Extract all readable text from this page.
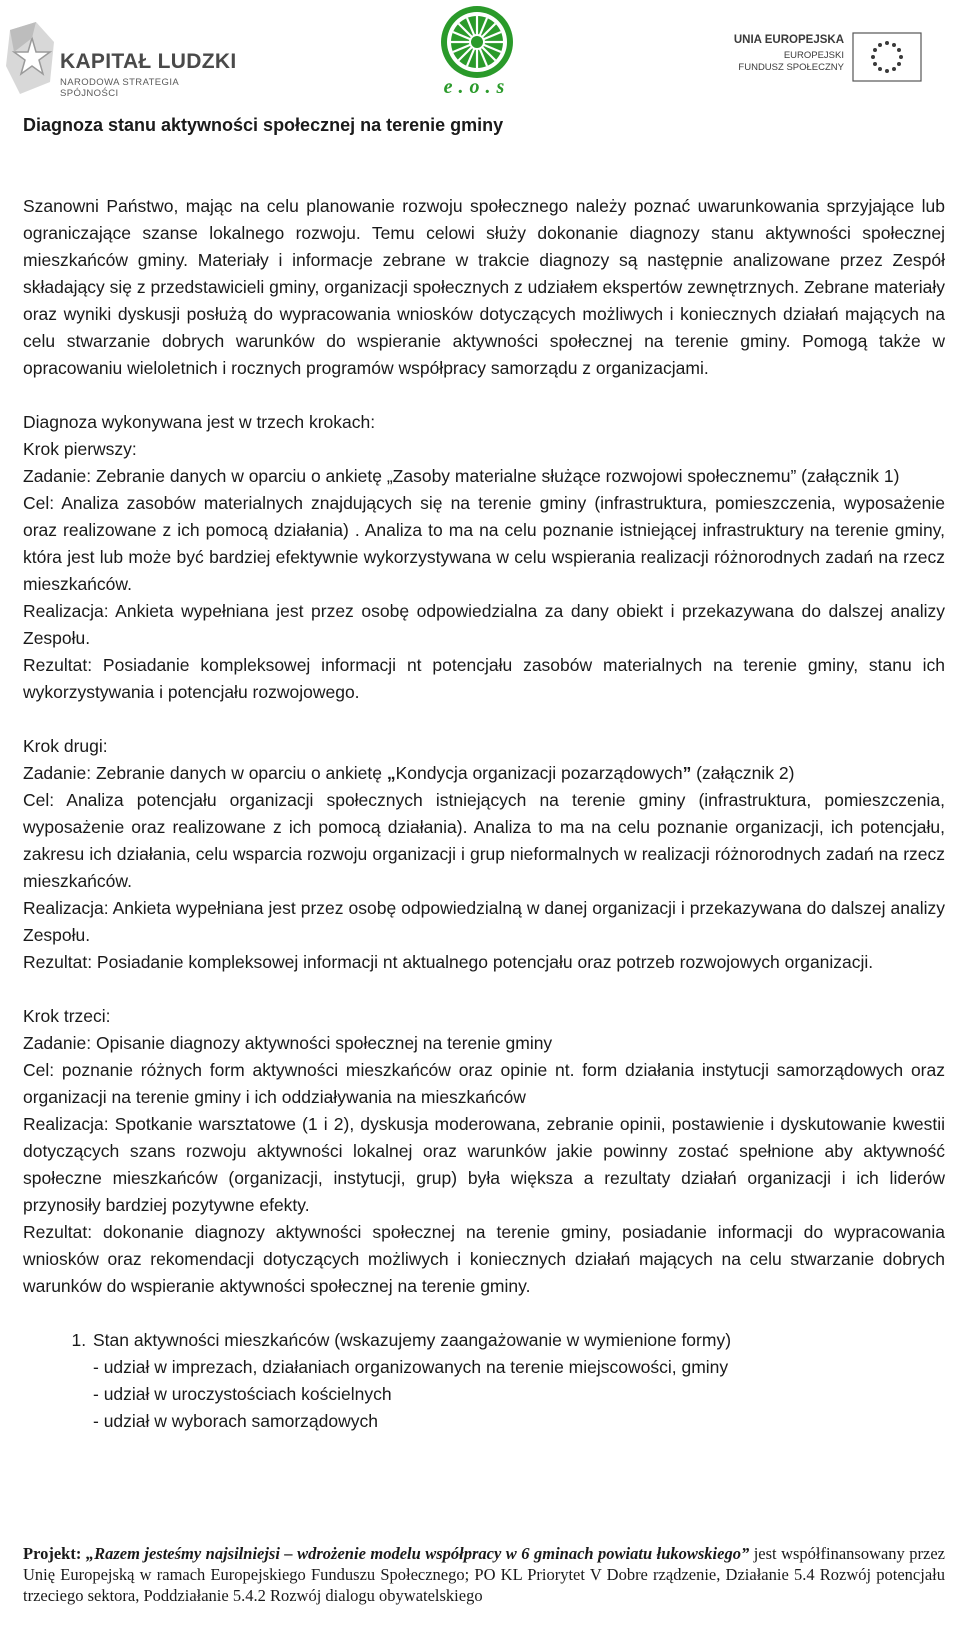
KAPITAŁ LUDZKI
NARODOWA STRATEGIA SPÓJNOŚCI	e.o.s
UNIA EUROPEJSKA
EUROPEJSKI
FUNDUSZ SPOŁECZNY
Diagnoza stanu aktywności społecznej na terenie gminy

Szanowni Państwo, mając na celu planowanie rozwoju społecznego należy poznać uwarunkowania sprzyjające lub ograniczające szanse lokalnego rozwoju. Temu celowi służy dokonanie diagnozy stanu aktywności społecznej mieszkańców gminy. Materiały i informacje zebrane w trakcie diagnozy są następnie analizowane przez Zespół składający się z przedstawicieli gminy, organizacji społecznych z udziałem ekspertów zewnętrznych. Zebrane materiały oraz wyniki dyskusji posłużą do wypracowania wniosków dotyczących możliwych i koniecznych działań mających na celu stwarzanie dobrych warunków do wspieranie aktywności społecznej na terenie gminy. Pomogą także w opracowaniu wieloletnich i rocznych programów współpracy samorządu z organizacjami.

Diagnoza wykonywana jest w trzech krokach:

Krok pierwszy:

Zadanie: Zebranie danych w oparciu o ankietę „Zasoby materialne służące rozwojowi społecznemu” (załącznik 1)

Cel: Analiza zasobów materialnych znajdujących się na terenie gminy (infrastruktura, pomieszczenia, wyposażenie oraz realizowane z ich pomocą działania) . Analiza to ma na celu poznanie istniejącej infrastruktury na terenie gminy, która jest lub może być bardziej efektywnie wykorzystywana w celu wspierania realizacji różnorodnych zadań na rzecz mieszkańców.

Realizacja: Ankieta wypełniana jest przez osobę odpowiedzialna za dany obiekt i przekazywana do dalszej analizy Zespołu.

Rezultat: Posiadanie kompleksowej informacji nt potencjału zasobów materialnych na terenie gminy, stanu ich wykorzystywania i potencjału rozwojowego.

Krok drugi:

Zadanie: Zebranie danych w oparciu o ankietę „Kondycja organizacji pozarządowych” (załącznik 2)

Cel: Analiza potencjału organizacji społecznych istniejących na terenie gminy (infrastruktura, pomieszczenia, wyposażenie oraz realizowane z ich pomocą działania). Analiza to ma na celu poznanie organizacji, ich potencjału, zakresu ich działania, celu wsparcia rozwoju organizacji i grup nieformalnych w realizacji różnorodnych zadań na rzecz mieszkańców.

Realizacja: Ankieta wypełniana jest przez osobę odpowiedzialną w danej organizacji i przekazywana do dalszej analizy Zespołu.

Rezultat: Posiadanie kompleksowej informacji nt aktualnego potencjału oraz potrzeb rozwojowych organizacji.

Krok trzeci:

Zadanie: Opisanie diagnozy aktywności społecznej na terenie gminy

Cel: poznanie różnych form aktywności mieszkańców oraz opinie nt. form działania instytucji samorządowych oraz organizacji na terenie gminy i ich oddziaływania na mieszkańców

Realizacja: Spotkanie warsztatowe (1 i 2), dyskusja moderowana, zebranie opinii, postawienie i dyskutowanie kwestii dotyczących szans rozwoju aktywności lokalnej oraz warunków jakie powinny zostać spełnione aby aktywność społeczne mieszkańców (organizacji, instytucji, grup) była większa a rezultaty działań organizacji i ich liderów przynosiły bardziej pozytywne efekty.

Rezultat: dokonanie diagnozy aktywności społecznej na terenie gminy, posiadanie informacji do wypracowania wniosków oraz rekomendacji dotyczących możliwych i koniecznych działań mających na celu stwarzanie dobrych warunków do wspieranie aktywności społecznej na terenie gminy.

1. Stan aktywności mieszkańców (wskazujemy zaangażowanie w wymienione formy)

- udział w imprezach, działaniach organizowanych na terenie miejscowości, gminy

- udział w uroczystościach kościelnych

- udział w wyborach samorządowych

Projekt: „Razem jesteśmy najsilniejsi – wdrożenie modelu współpracy w 6 gminach powiatu łukowskiego” jest współfinansowany przez Unię Europejską w ramach Europejskiego Funduszu Społecznego; PO KL Priorytet V Dobre rządzenie, Działanie 5.4 Rozwój potencjału trzeciego sektora, Poddziałanie 5.4.2 Rozwój dialogu obywatelskiego
